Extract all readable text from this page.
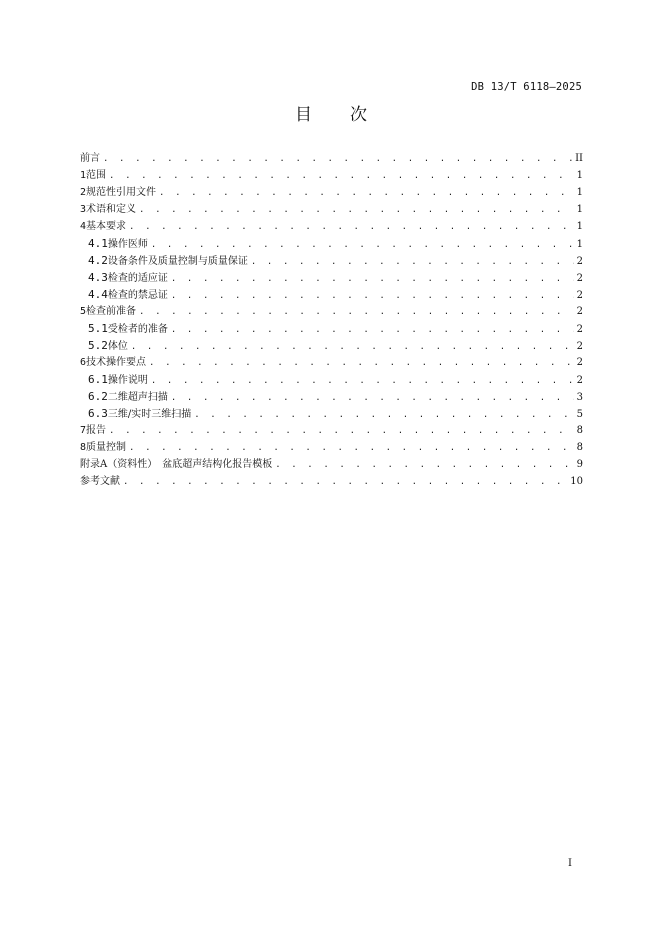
DB 13/T 6118—2025
目 次
前言 . . .	II
1 范围 . . .	1
2 规范性引用文件 . . .	1
3 术语和定义 . . .	1
4 基本要求 . . .	1
4.1 操作医师 . . .	1
4.2 设备条件及质量控制与质量保证 . . .	2
4.3 检查的适应证 . . .	2
4.4 检查的禁忌证 . . .	2
5 检查前准备 . . .	2
5.1 受检者的准备 . . .	2
5.2 体位 . . .	2
6 技术操作要点 . . .	2
6.1 操作说明 . . .	2
6.2 二维超声扫描 . . .	3
6.3 三维/实时三维扫描 . . .	5
7 报告 . . .	8
8 质量控制 . . .	8
附录A（资料性）　盆底超声结构化报告模板 . . .	9
参考文献 . . .	10
I
